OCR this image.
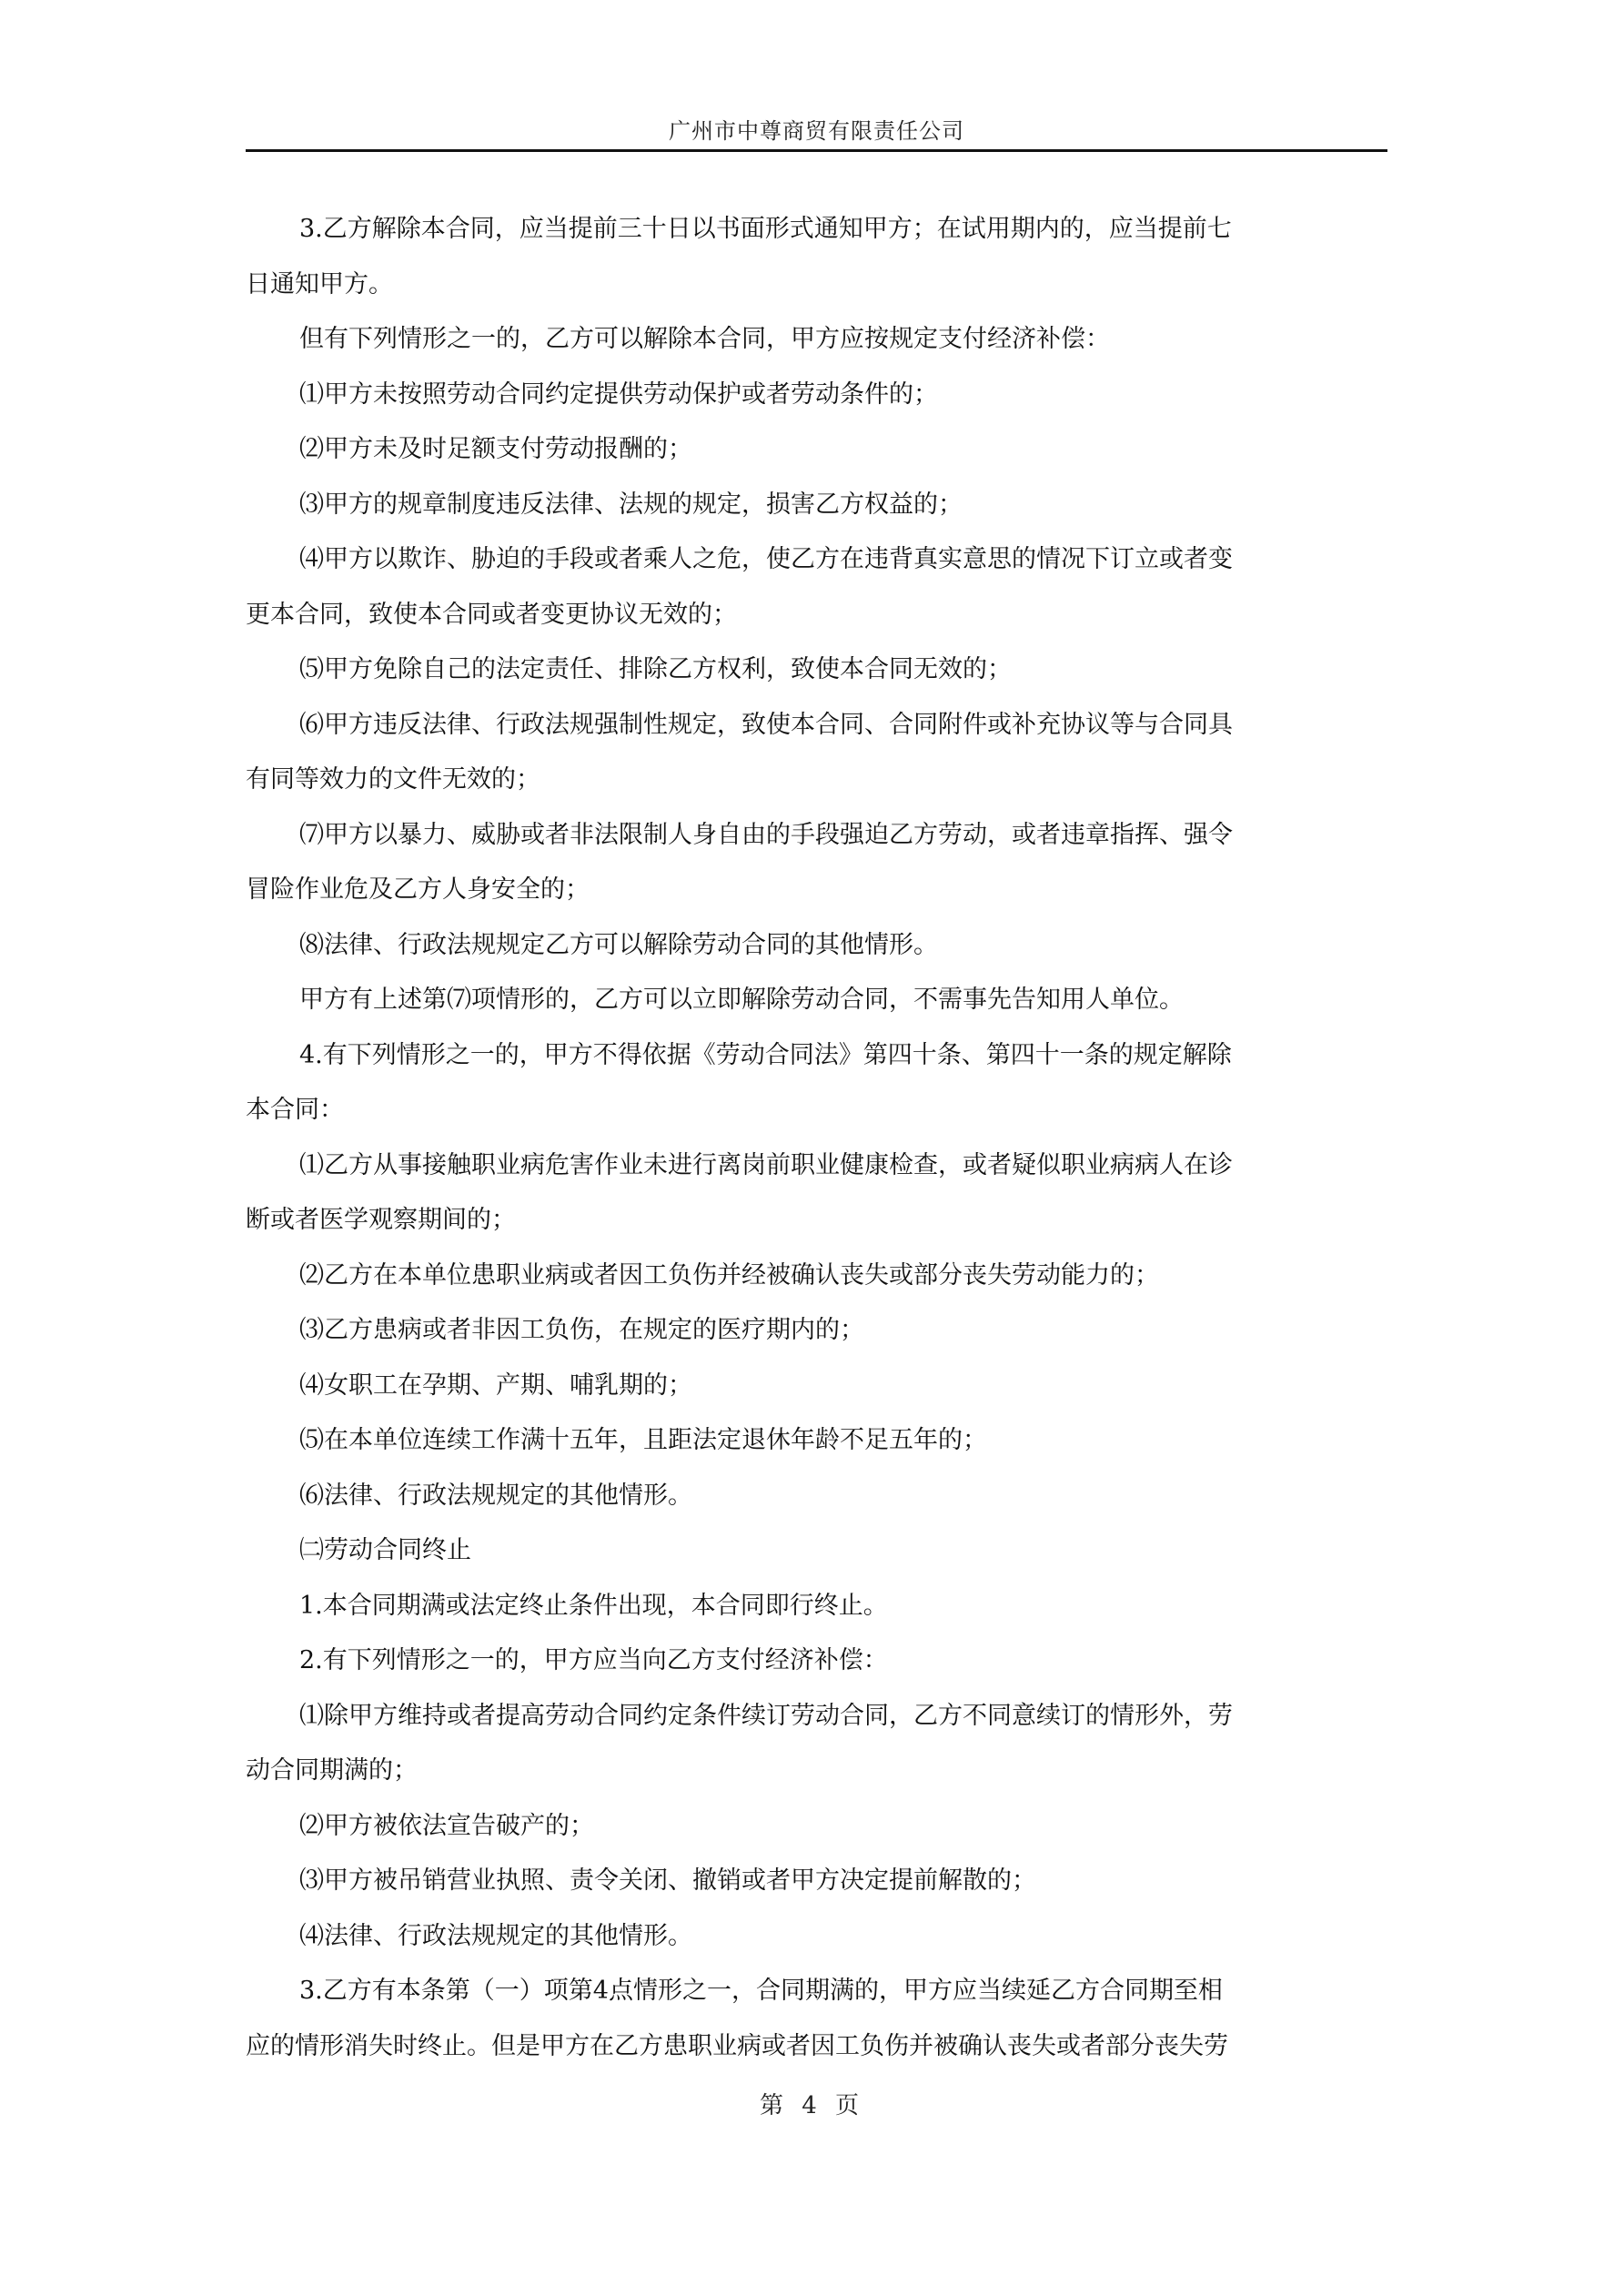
广州市中尊商贸有限责任公司

3.乙方解除本合同，应当提前三十日以书面形式通知甲方；在试用期内的，应当提前七

日通知甲方。

但有下列情形之一的，乙方可以解除本合同，甲方应按规定支付经济补偿：

⑴甲方未按照劳动合同约定提供劳动保护或者劳动条件的；

⑵甲方未及时足额支付劳动报酬的；

⑶甲方的规章制度违反法律、法规的规定，损害乙方权益的；

⑷甲方以欺诈、胁迫的手段或者乘人之危，使乙方在违背真实意思的情况下订立或者变

更本合同，致使本合同或者变更协议无效的；

⑸甲方免除自己的法定责任、排除乙方权利，致使本合同无效的；

⑹甲方违反法律、行政法规强制性规定，致使本合同、合同附件或补充协议等与合同具

有同等效力的文件无效的；

⑺甲方以暴力、威胁或者非法限制人身自由的手段强迫乙方劳动，或者违章指挥、强令

冒险作业危及乙方人身安全的；

⑻法律、行政法规规定乙方可以解除劳动合同的其他情形。

甲方有上述第⑺项情形的，乙方可以立即解除劳动合同，不需事先告知用人单位。

4.有下列情形之一的，甲方不得依据《劳动合同法》第四十条、第四十一条的规定解除

本合同：

⑴乙方从事接触职业病危害作业未进行离岗前职业健康检查，或者疑似职业病病人在诊

断或者医学观察期间的；

⑵乙方在本单位患职业病或者因工负伤并经被确认丧失或部分丧失劳动能力的；

⑶乙方患病或者非因工负伤，在规定的医疗期内的；

⑷女职工在孕期、产期、哺乳期的；

⑸在本单位连续工作满十五年，且距法定退休年龄不足五年的；

⑹法律、行政法规规定的其他情形。

㈡劳动合同终止

1.本合同期满或法定终止条件出现，本合同即行终止。

2.有下列情形之一的，甲方应当向乙方支付经济补偿：

⑴除甲方维持或者提高劳动合同约定条件续订劳动合同，乙方不同意续订的情形外，劳

动合同期满的；

⑵甲方被依法宣告破产的；

⑶甲方被吊销营业执照、责令关闭、撤销或者甲方决定提前解散的；

⑷法律、行政法规规定的其他情形。

3.乙方有本条第（一）项第4点情形之一，合同期满的，甲方应当续延乙方合同期至相

应的情形消失时终止。但是甲方在乙方患职业病或者因工负伤并被确认丧失或者部分丧失劳

第 4 页
